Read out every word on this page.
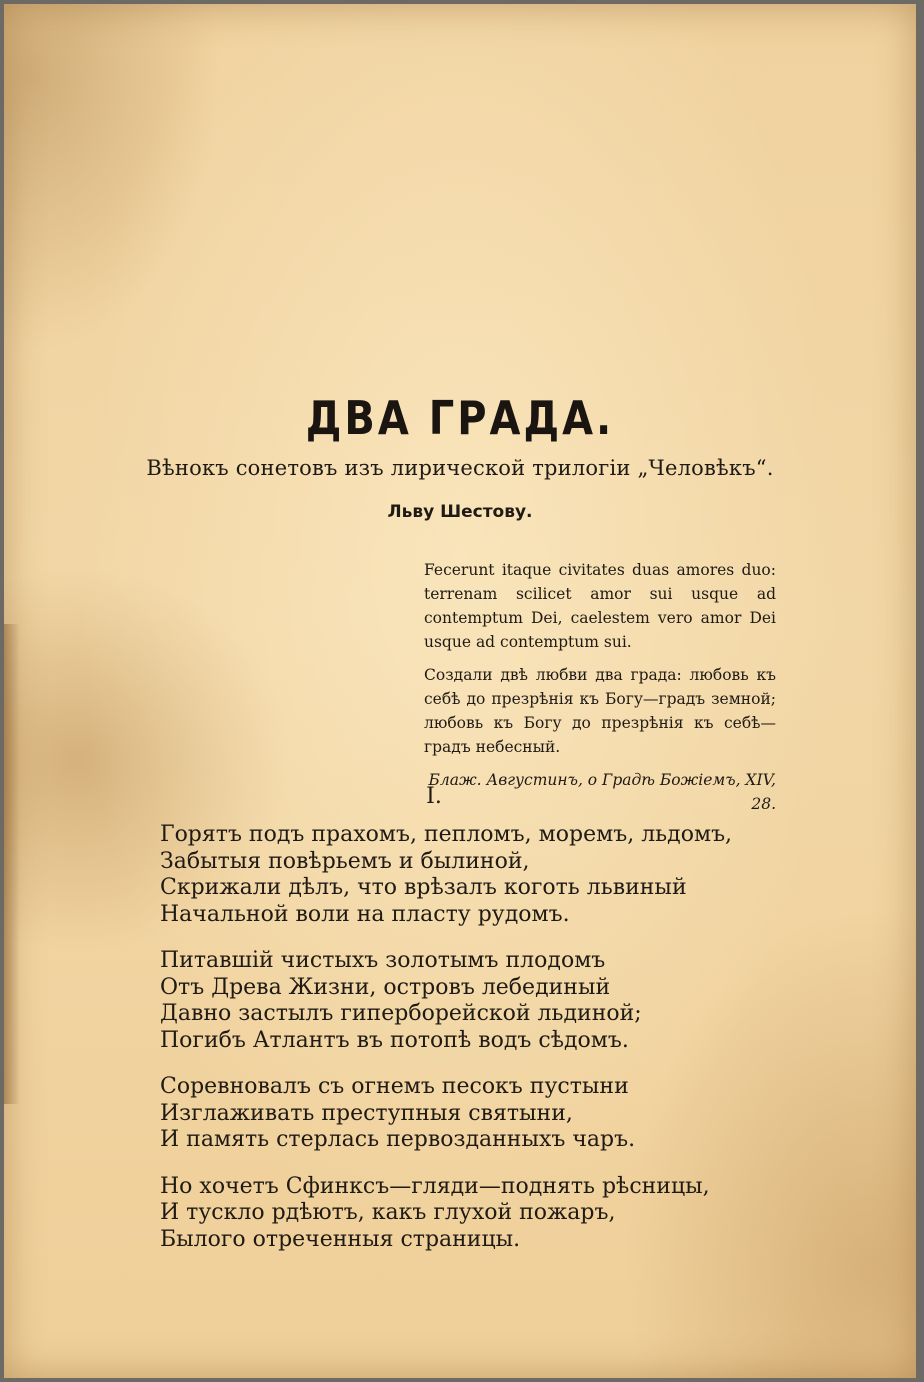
ДВА ГРАДА.
Вѣнокъ сонетовъ изъ лирической трилогіи „Человѣкъ“.
Льву Шестову.

Fecerunt itaque civitates duas amores duo: terrenam scilicet amor sui usque ad contemptum Dei, caelestem vero amor Dei usque ad contemptum sui.

Создали двѣ любви два града: любовь къ себѣ до презрѣнія къ Богу—градъ земной; любовь къ Богу до презрѣнія къ себѣ—градъ небесный.

Блаж. Августинъ, о Градѣ Божіемъ, XIV, 28.

I.
Горятъ подъ прахомъ, пепломъ, моремъ, льдомъ,
Забытыя повѣрьемъ и былиной,
Скрижали дѣлъ, что врѣзалъ коготь львиный
Начальной воли на пласту рудомъ.
Питавшій чистыхъ золотымъ плодомъ
Отъ Древа Жизни, островъ лебединый
Давно застылъ гиперборейской льдиной;
Погибъ Атлантъ въ потопѣ водъ сѣдомъ.
Соревновалъ съ огнемъ песокъ пустыни
Изглаживать преступныя святыни,
И память стерлась первозданныхъ чаръ.
Но хочетъ Сфинксъ—гляди—поднять рѣсницы,
И тускло рдѣютъ, какъ глухой пожаръ,
Былого отреченныя страницы.
